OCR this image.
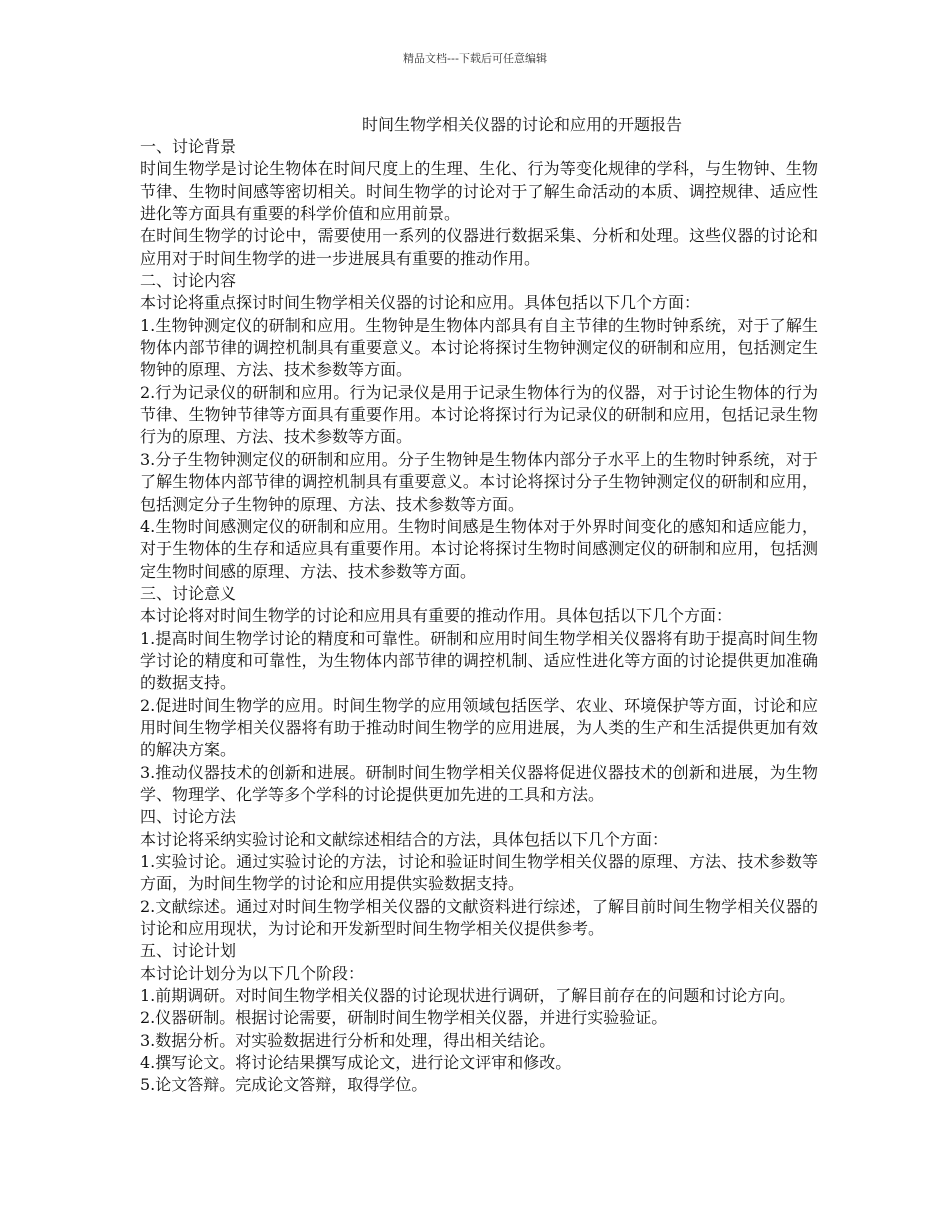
精品文档---下载后可任意编辑
时间生物学相关仪器的讨论和应用的开题报告

一、讨论背景

时间生物学是讨论生物体在时间尺度上的生理、生化、行为等变化规律的学科，与生物钟、生物节律、生物时间感等密切相关。时间生物学的讨论对于了解生命活动的本质、调控规律、适应性进化等方面具有重要的科学价值和应用前景。

在时间生物学的讨论中，需要使用一系列的仪器进行数据采集、分析和处理。这些仪器的讨论和应用对于时间生物学的进一步进展具有重要的推动作用。

二、讨论内容

本讨论将重点探讨时间生物学相关仪器的讨论和应用。具体包括以下几个方面：

1.生物钟测定仪的研制和应用。生物钟是生物体内部具有自主节律的生物时钟系统，对于了解生物体内部节律的调控机制具有重要意义。本讨论将探讨生物钟测定仪的研制和应用，包括测定生物钟的原理、方法、技术参数等方面。

2.行为记录仪的研制和应用。行为记录仪是用于记录生物体行为的仪器，对于讨论生物体的行为节律、生物钟节律等方面具有重要作用。本讨论将探讨行为记录仪的研制和应用，包括记录生物行为的原理、方法、技术参数等方面。

3.分子生物钟测定仪的研制和应用。分子生物钟是生物体内部分子水平上的生物时钟系统，对于了解生物体内部节律的调控机制具有重要意义。本讨论将探讨分子生物钟测定仪的研制和应用，包括测定分子生物钟的原理、方法、技术参数等方面。

4.生物时间感测定仪的研制和应用。生物时间感是生物体对于外界时间变化的感知和适应能力，对于生物体的生存和适应具有重要作用。本讨论将探讨生物时间感测定仪的研制和应用，包括测定生物时间感的原理、方法、技术参数等方面。

三、讨论意义

本讨论将对时间生物学的讨论和应用具有重要的推动作用。具体包括以下几个方面：

1.提高时间生物学讨论的精度和可靠性。研制和应用时间生物学相关仪器将有助于提高时间生物学讨论的精度和可靠性，为生物体内部节律的调控机制、适应性进化等方面的讨论提供更加准确的数据支持。

2.促进时间生物学的应用。时间生物学的应用领域包括医学、农业、环境保护等方面，讨论和应用时间生物学相关仪器将有助于推动时间生物学的应用进展，为人类的生产和生活提供更加有效的解决方案。

3.推动仪器技术的创新和进展。研制时间生物学相关仪器将促进仪器技术的创新和进展，为生物学、物理学、化学等多个学科的讨论提供更加先进的工具和方法。

四、讨论方法

本讨论将采纳实验讨论和文献综述相结合的方法，具体包括以下几个方面：

1.实验讨论。通过实验讨论的方法，讨论和验证时间生物学相关仪器的原理、方法、技术参数等方面，为时间生物学的讨论和应用提供实验数据支持。

2.文献综述。通过对时间生物学相关仪器的文献资料进行综述，了解目前时间生物学相关仪器的讨论和应用现状，为讨论和开发新型时间生物学相关仪提供参考。

五、讨论计划

本讨论计划分为以下几个阶段：

1.前期调研。对时间生物学相关仪器的讨论现状进行调研，了解目前存在的问题和讨论方向。

2.仪器研制。根据讨论需要，研制时间生物学相关仪器，并进行实验验证。

3.数据分析。对实验数据进行分析和处理，得出相关结论。

4.撰写论文。将讨论结果撰写成论文，进行论文评审和修改。

5.论文答辩。完成论文答辩，取得学位。
